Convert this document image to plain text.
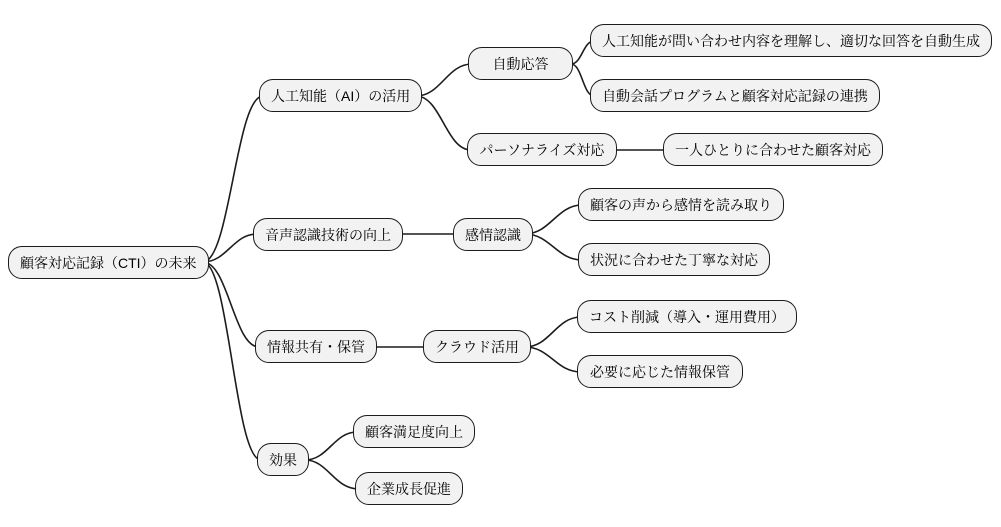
顧客対応記録（CTI）の未来
人工知能（AI）の活用
自動応答
人工知能が問い合わせ内容を理解し、適切な回答を自動生成
自動会話プログラムと顧客対応記録の連携
パーソナライズ対応	一人ひとりに合わせた顧客対応
音声認識技術の向上	感情認識
顧客の声から感情を読み取り
状況に合わせた丁寧な対応
情報共有・保管	クラウド活用
コスト削減（導入・運用費用）
必要に応じた情報保管
効果
顧客満足度向上
企業成長促進
